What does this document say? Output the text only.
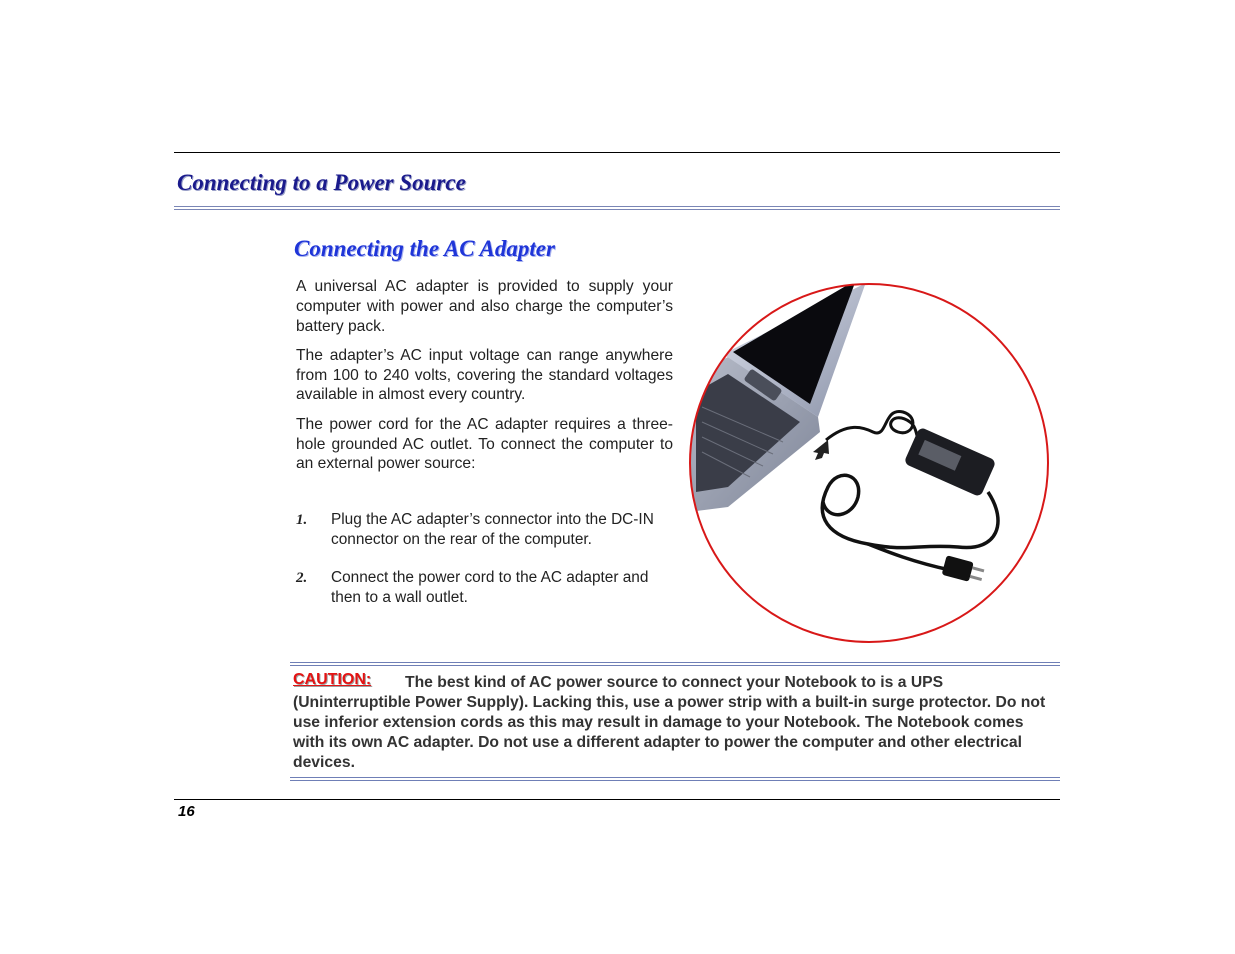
Connecting to a Power Source
Connecting the AC Adapter

A universal AC adapter is provided to supply your computer with power and also charge the computer’s battery pack.

The adapter’s AC input voltage can range anywhere from 100 to 240 volts, covering the standard voltages available in almost every country.

The power cord for the AC adapter requires a three-hole grounded AC outlet. To connect the computer to an external power source:

1. Plug the AC adapter’s connector into the DC-IN connector on the rear of the computer.
2. Connect the power cord to the AC adapter and then to a wall outlet.
CAUTION:	The best kind of AC power source to connect your Notebook to is a UPS (Uninterruptible Power Supply). Lacking this, use a power strip with a built-in surge protector. Do not use inferior extension cords as this may result in damage to your Notebook. The Notebook comes with its own AC adapter. Do not use a different adapter to power the computer and other electrical devices.
16
